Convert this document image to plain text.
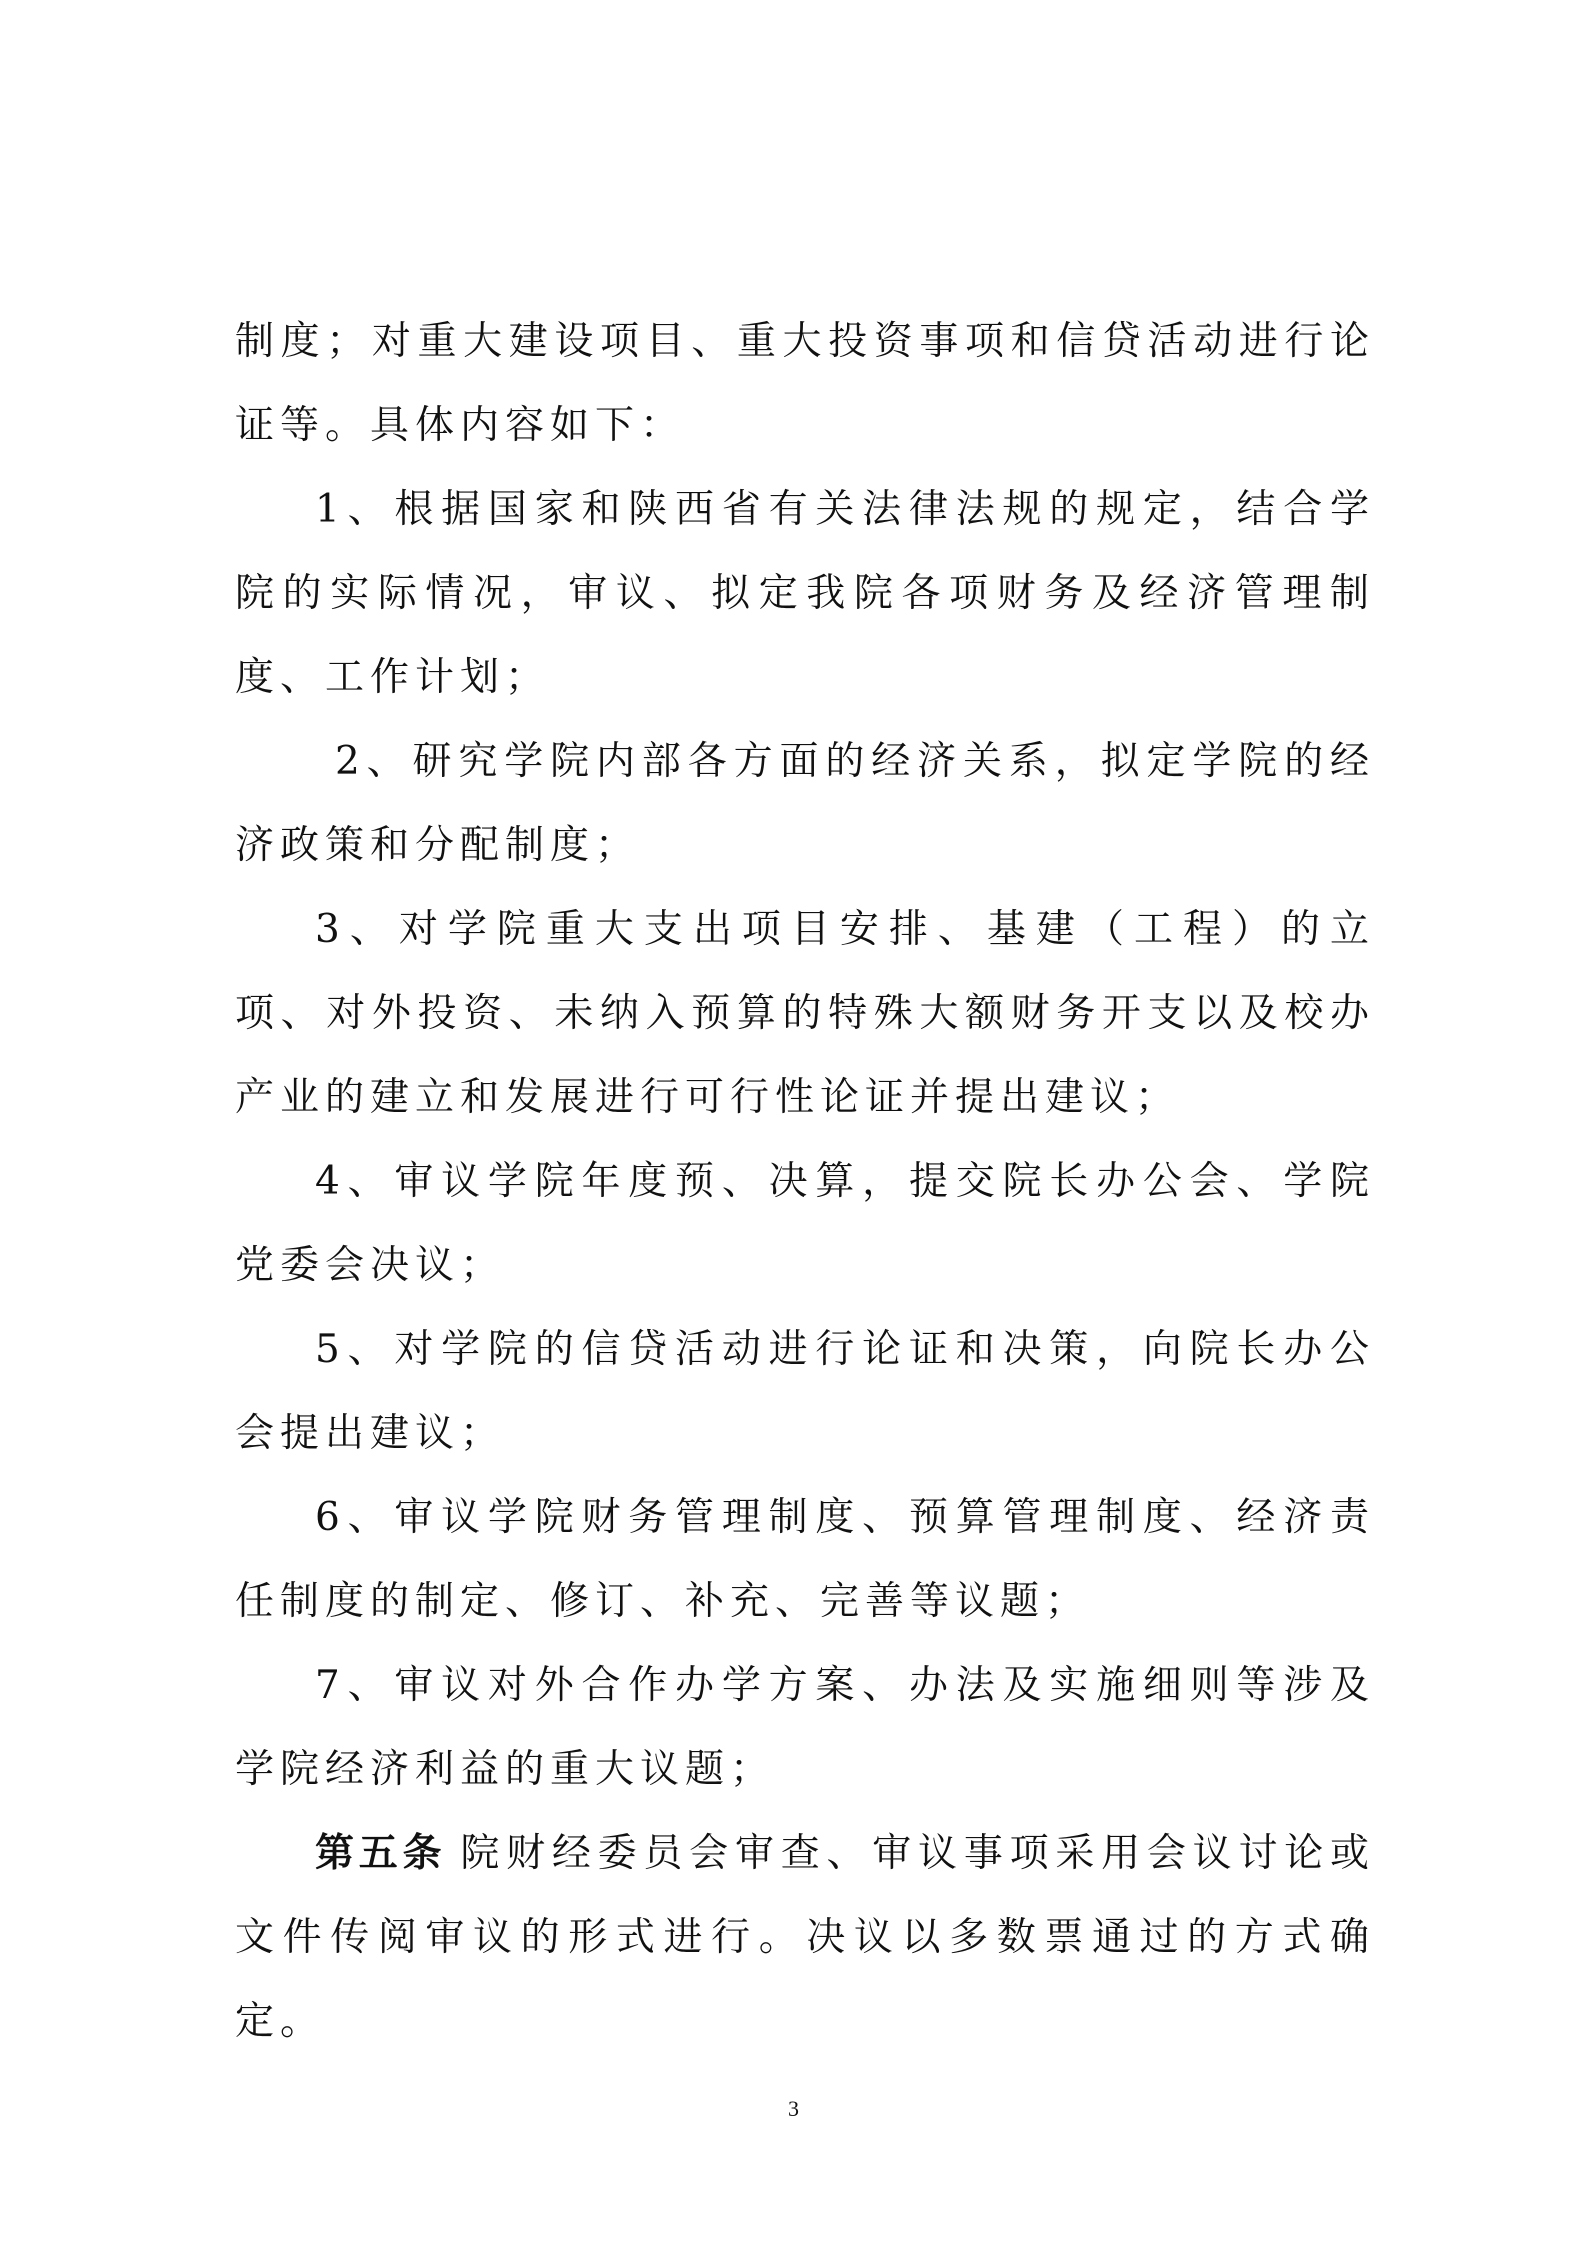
制度；对重大建设项目、重大投资事项和信贷活动进行论证等。具体内容如下：

1、根据国家和陕西省有关法律法规的规定，结合学院的实际情况，审议、拟定我院各项财务及经济管理制度、工作计划；

2、研究学院内部各方面的经济关系，拟定学院的经济政策和分配制度；

3、对学院重大支出项目安排、基建（工程）的立项、对外投资、未纳入预算的特殊大额财务开支以及校办产业的建立和发展进行可行性论证并提出建议；

4、审议学院年度预、决算，提交院长办公会、学院党委会决议；

5、对学院的信贷活动进行论证和决策，向院长办公会提出建议；

6、审议学院财务管理制度、预算管理制度、经济责任制度的制定、修订、补充、完善等议题；

7、审议对外合作办学方案、办法及实施细则等涉及学院经济利益的重大议题；

第五条 院财经委员会审查、审议事项采用会议讨论或文件传阅审议的形式进行。决议以多数票通过的方式确定。

3
